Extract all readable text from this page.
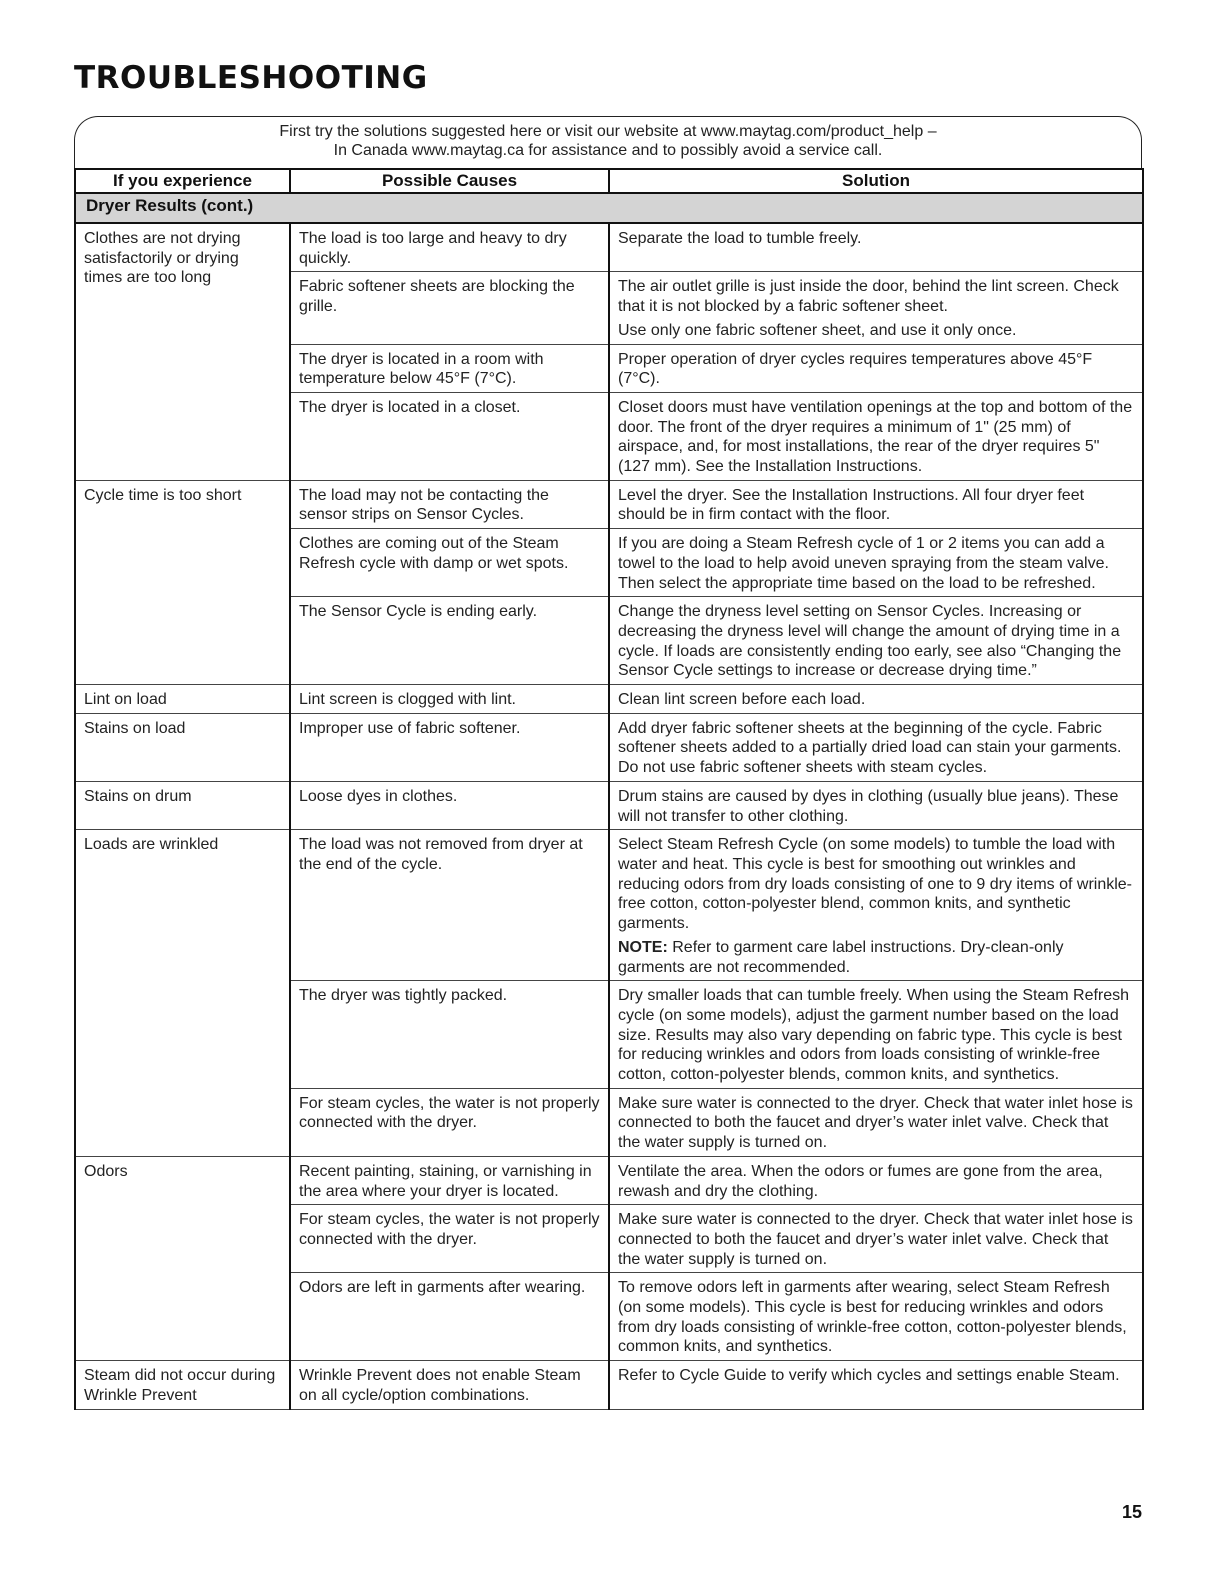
TROUBLESHOOTING
First try the solutions suggested here or visit our website at www.maytag.com/product_help –
In Canada www.maytag.ca for assistance and to possibly avoid a service call.
If you experience	Possible Causes	Solution
Dryer Results (cont.)		
Clothes are not drying satisfactorily or drying times are too long	The load is too large and heavy to dry quickly.	Separate the load to tumble freely.

	Fabric softener sheets are blocking the grille.	The air outlet grille is just inside the door, behind the lint screen. Check that it is not blocked by a fabric softener sheet.

Use only one fabric softener sheet, and use it only once.

	The dryer is located in a room with temperature below 45°F (7°C).	Proper operation of dryer cycles requires temperatures above 45°F (7°C).

	The dryer is located in a closet.	Closet doors must have ventilation openings at the top and bottom of the door. The front of the dryer requires a minimum of 1" (25 mm) of airspace, and, for most installations, the rear of the dryer requires 5" (127 mm). See the Installation Instructions.

Cycle time is too short	The load may not be contacting the sensor strips on Sensor Cycles.	Level the dryer. See the Installation Instructions. All four dryer feet should be in firm contact with the floor.

	Clothes are coming out of the Steam Refresh cycle with damp or wet spots.	If you are doing a Steam Refresh cycle of 1 or 2 items you can add a towel to the load to help avoid uneven spraying from the steam valve. Then select the appropriate time based on the load to be refreshed.

	The Sensor Cycle is ending early.	Change the dryness level setting on Sensor Cycles. Increasing or decreasing the dryness level will change the amount of drying time in a cycle. If loads are consistently ending too early, see also “Changing the Sensor Cycle settings to increase or decrease drying time.”

Lint on load	Lint screen is clogged with lint.	Clean lint screen before each load.

Stains on load	Improper use of fabric softener.	Add dryer fabric softener sheets at the beginning of the cycle. Fabric softener sheets added to a partially dried load can stain your garments. Do not use fabric softener sheets with steam cycles.

Stains on drum	Loose dyes in clothes.	Drum stains are caused by dyes in clothing (usually blue jeans). These will not transfer to other clothing.

Loads are wrinkled	The load was not removed from dryer at the end of the cycle.	Select Steam Refresh Cycle (on some models) to tumble the load with water and heat. This cycle is best for smoothing out wrinkles and reducing odors from dry loads consisting of one to 9 dry items of wrinkle-free cotton, cotton-polyester blend, common knits, and synthetic garments.

NOTE: Refer to garment care label instructions. Dry-clean-only garments are not recommended.

	The dryer was tightly packed.	Dry smaller loads that can tumble freely. When using the Steam Refresh cycle (on some models), adjust the garment number based on the load size. Results may also vary depending on fabric type. This cycle is best for reducing wrinkles and odors from loads consisting of wrinkle-free cotton, cotton-polyester blends, common knits, and synthetics.

	For steam cycles, the water is not properly connected with the dryer.	Make sure water is connected to the dryer. Check that water inlet hose is connected to both the faucet and dryer’s water inlet valve. Check that the water supply is turned on.

Odors	Recent painting, staining, or varnishing in the area where your dryer is located.	Ventilate the area. When the odors or fumes are gone from the area, rewash and dry the clothing.

	For steam cycles, the water is not properly connected with the dryer.	Make sure water is connected to the dryer. Check that water inlet hose is connected to both the faucet and dryer’s water inlet valve. Check that the water supply is turned on.

	Odors are left in garments after wearing.	To remove odors left in garments after wearing, select Steam Refresh (on some models). This cycle is best for reducing wrinkles and odors from dry loads consisting of wrinkle-free cotton, cotton-polyester blends, common knits, and synthetics.

Steam did not occur during Wrinkle Prevent	Wrinkle Prevent does not enable Steam on all cycle/option combinations.	Refer to Cycle Guide to verify which cycles and settings enable Steam.

15
